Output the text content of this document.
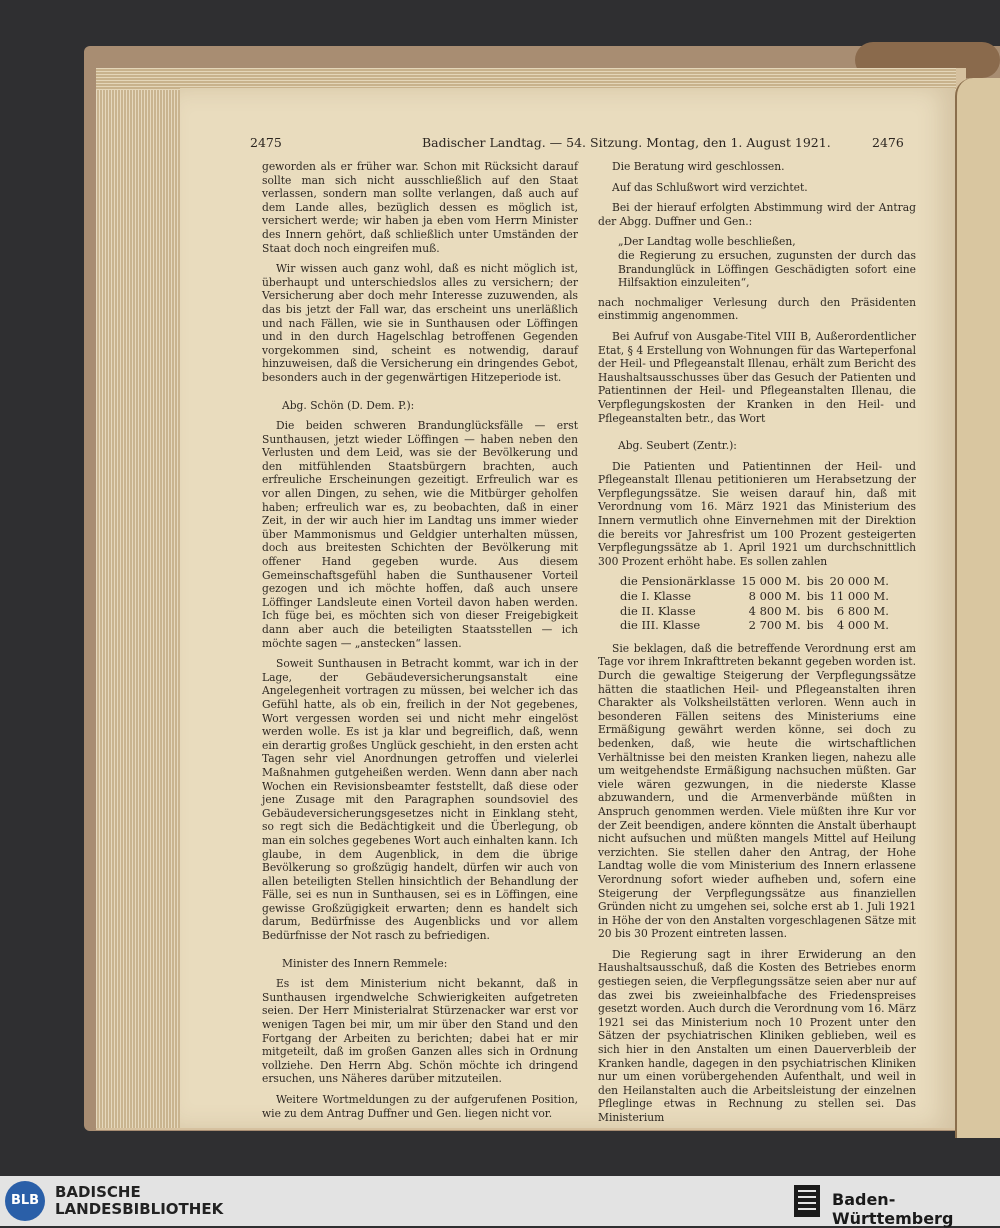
2475	Badischer Landtag. — 54. Sitzung. Montag, den 1. August 1921.	2476

geworden als er früher war. Schon mit Rücksicht darauf sollte man sich nicht ausschließlich auf den Staat verlassen, sondern man sollte verlangen, daß auch auf dem Lande alles, bezüglich dessen es möglich ist, versichert werde; wir haben ja eben vom Herrn Minister des Innern gehört, daß schließlich unter Umständen der Staat doch noch eingreifen muß.

Wir wissen auch ganz wohl, daß es nicht möglich ist, überhaupt und unterschiedslos alles zu versichern; der Versicherung aber doch mehr Interesse zuzuwenden, als das bis jetzt der Fall war, das erscheint uns unerläßlich und nach Fällen, wie sie in Sunthausen oder Löffingen und in den durch Hagelschlag betroffenen Gegenden vorgekommen sind, scheint es notwendig, darauf hinzuweisen, daß die Versicherung ein dringendes Gebot, besonders auch in der gegenwärtigen Hitzeperiode ist.

Abg. Schön (D. Dem. P.):

Die beiden schweren Brandunglücksfälle — erst Sunthausen, jetzt wieder Löffingen — haben neben den Verlusten und dem Leid, was sie der Bevölkerung und den mitfühlenden Staatsbürgern brachten, auch erfreuliche Erscheinungen gezeitigt. Erfreulich war es vor allen Dingen, zu sehen, wie die Mitbürger geholfen haben; erfreulich war es, zu beobachten, daß in einer Zeit, in der wir auch hier im Landtag uns immer wieder über Mammonismus und Geldgier unterhalten müssen, doch aus breitesten Schichten der Bevölkerung mit offener Hand gegeben wurde. Aus diesem Gemeinschaftsgefühl haben die Sunthausener Vorteil gezogen und ich möchte hoffen, daß auch unsere Löffinger Landsleute einen Vorteil davon haben werden. Ich füge bei, es möchten sich von dieser Freigebigkeit dann aber auch die beteiligten Staatsstellen — ich möchte sagen — „anstecken“ lassen.

Soweit Sunthausen in Betracht kommt, war ich in der Lage, der Gebäudeversicherungsanstalt eine Angelegenheit vortragen zu müssen, bei welcher ich das Gefühl hatte, als ob ein, freilich in der Not gegebenes, Wort vergessen worden sei und nicht mehr eingelöst werden wolle. Es ist ja klar und begreiflich, daß, wenn ein derartig großes Unglück geschieht, in den ersten acht Tagen sehr viel Anordnungen getroffen und vielerlei Maßnahmen gutgeheißen werden. Wenn dann aber nach Wochen ein Revisionsbeamter feststellt, daß diese oder jene Zusage mit den Paragraphen soundsoviel des Gebäudeversicherungsgesetzes nicht in Einklang steht, so regt sich die Bedächtigkeit und die Überlegung, ob man ein solches gegebenes Wort auch einhalten kann. Ich glaube, in dem Augenblick, in dem die übrige Bevölkerung so großzügig handelt, dürfen wir auch von allen beteiligten Stellen hinsichtlich der Behandlung der Fälle, sei es nun in Sunthausen, sei es in Löffingen, eine gewisse Großzügigkeit erwarten; denn es handelt sich darum, Bedürfnisse des Augenblicks und vor allem Bedürfnisse der Not rasch zu befriedigen.

Minister des Innern Remmele:

Es ist dem Ministerium nicht bekannt, daß in Sunthausen irgendwelche Schwierigkeiten aufgetreten seien. Der Herr Ministerialrat Stürzenacker war erst vor wenigen Tagen bei mir, um mir über den Stand und den Fortgang der Arbeiten zu berichten; dabei hat er mir mitgeteilt, daß im großen Ganzen alles sich in Ordnung vollziehe. Den Herrn Abg. Schön möchte ich dringend ersuchen, uns Näheres darüber mitzuteilen.

Weitere Wortmeldungen zu der aufgerufenen Position, wie zu dem Antrag Duffner und Gen. liegen nicht vor.

Die Beratung wird geschlossen.

Auf das Schlußwort wird verzichtet.

Bei der hierauf erfolgten Abstimmung wird der Antrag der Abgg. Duffner und Gen.:

„Der Landtag wolle beschließen,
die Regierung zu ersuchen, zugunsten der durch das Brandunglück in Löffingen Geschädigten sofort eine Hilfsaktion einzuleiten“,

nach nochmaliger Verlesung durch den Präsidenten einstimmig angenommen.

Bei Aufruf von Ausgabe-Titel VIII B, Außerordentlicher Etat, § 4 Erstellung von Wohnungen für das Warteperfonal der Heil- und Pflegeanstalt Illenau, erhält zum Bericht des Haushaltsausschusses über das Gesuch der Patienten und Patientinnen der Heil- und Pflegeanstalten Illenau, die Verpflegungskosten der Kranken in den Heil- und Pflegeanstalten betr., das Wort

Abg. Seubert (Zentr.):

Die Patienten und Patientinnen der Heil- und Pflegeanstalt Illenau petitionieren um Herabsetzung der Verpflegungssätze. Sie weisen darauf hin, daß mit Verordnung vom 16. März 1921 das Ministerium des Innern vermutlich ohne Einvernehmen mit der Direktion die bereits vor Jahresfrist um 100 Prozent gesteigerten Verpflegungssätze ab 1. April 1921 um durchschnittlich 300 Prozent erhöht habe. Es sollen zahlen

die Pensionärklasse	15 000 M.	bis	20 000 M.
die I. Klasse	8 000 M.	bis	11 000 M.
die II. Klasse	4 800 M.	bis	6 800 M.
die III. Klasse	2 700 M.	bis	4 000 M.

Sie beklagen, daß die betreffende Verordnung erst am Tage vor ihrem Inkrafttreten bekannt gegeben worden ist. Durch die gewaltige Steigerung der Verpflegungssätze hätten die staatlichen Heil- und Pflegeanstalten ihren Charakter als Volksheilstätten verloren. Wenn auch in besonderen Fällen seitens des Ministeriums eine Ermäßigung gewährt werden könne, sei doch zu bedenken, daß, wie heute die wirtschaftlichen Verhältnisse bei den meisten Kranken liegen, nahezu alle um weitgehendste Ermäßigung nachsuchen müßten. Gar viele wären gezwungen, in die niederste Klasse abzuwandern, und die Armenverbände müßten in Anspruch genommen werden. Viele müßten ihre Kur vor der Zeit beendigen, andere könnten die Anstalt überhaupt nicht aufsuchen und müßten mangels Mittel auf Heilung verzichten. Sie stellen daher den Antrag, der Hohe Landtag wolle die vom Ministerium des Innern erlassene Verordnung sofort wieder aufheben und, sofern eine Steigerung der Verpflegungssätze aus finanziellen Gründen nicht zu umgehen sei, solche erst ab 1. Juli 1921 in Höhe der von den Anstalten vorgeschlagenen Sätze mit 20 bis 30 Prozent eintreten lassen.

Die Regierung sagt in ihrer Erwiderung an den Haushaltsausschuß, daß die Kosten des Betriebes enorm gestiegen seien, die Verpflegungssätze seien aber nur auf das zwei bis zweieinhalbfache des Friedenspreises gesetzt worden. Auch durch die Verordnung vom 16. März 1921 sei das Ministerium noch 10 Prozent unter den Sätzen der psychiatrischen Kliniken geblieben, weil es sich hier in den Anstalten um einen Dauerverbleib der Kranken handle, dagegen in den psychiatrischen Kliniken nur um einen vorübergehenden Aufenthalt, und weil in den Heilanstalten auch die Arbeitsleistung der einzelnen Pfleglinge etwas in Rechnung zu stellen sei. Das Ministerium

BLB	BADISCHE
LANDESBIBLIOTHEK	Baden-Württemberg
